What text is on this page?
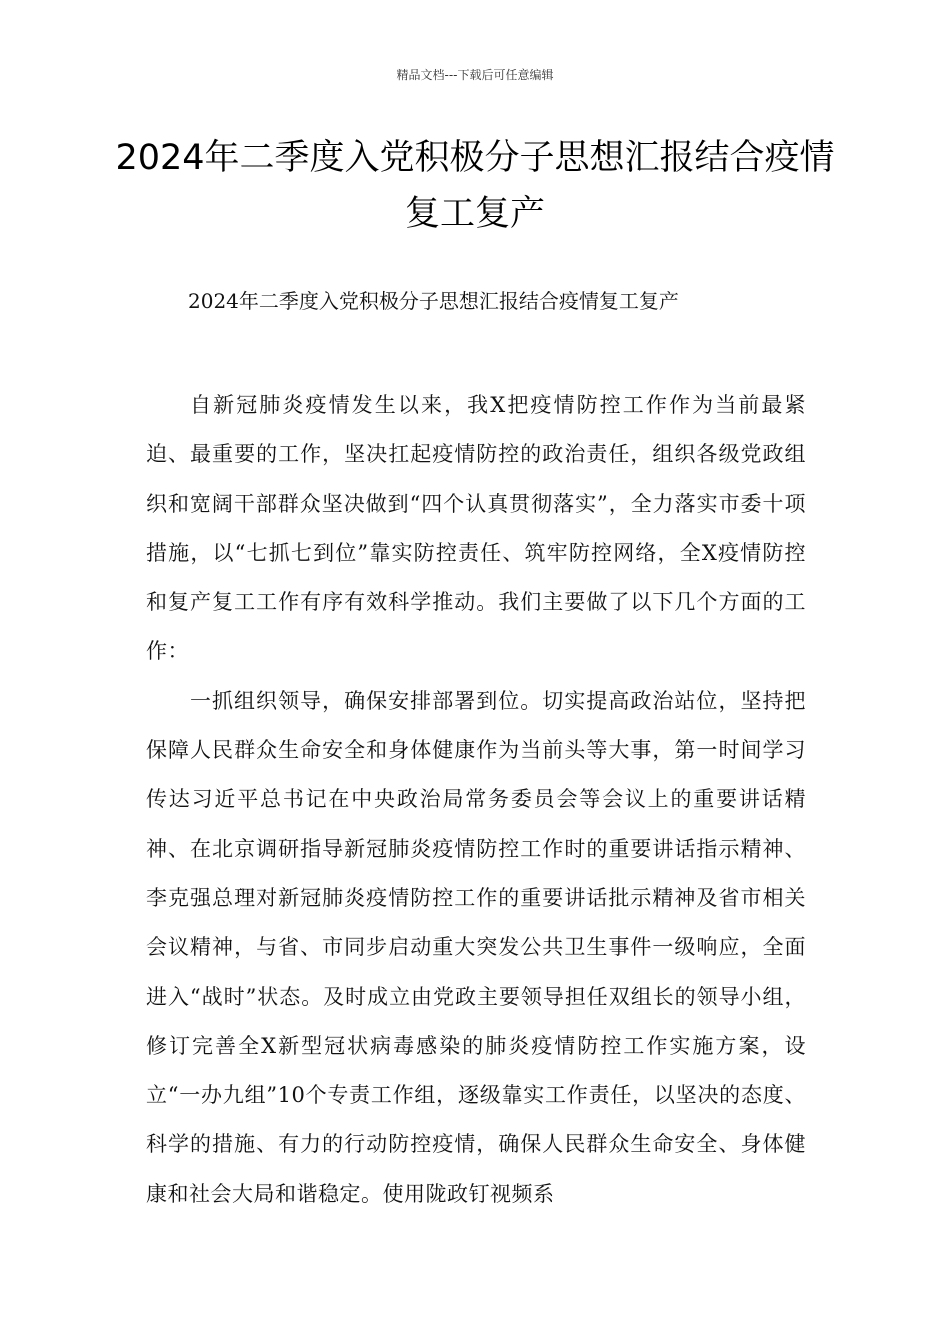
精品文档---下载后可任意编辑
2024年二季度入党积极分子思想汇报结合疫情复工复产

2024年二季度入党积极分子思想汇报结合疫情复工复产

自新冠肺炎疫情发生以来，我X把疫情防控工作作为当前最紧迫、最重要的工作，坚决扛起疫情防控的政治责任，组织各级党政组织和宽阔干部群众坚决做到“四个认真贯彻落实”，全力落实市委十项措施，以“七抓七到位”靠实防控责任、筑牢防控网络，全X疫情防控和复产复工工作有序有效科学推动。我们主要做了以下几个方面的工作：

一抓组织领导，确保安排部署到位。切实提高政治站位，坚持把保障人民群众生命安全和身体健康作为当前头等大事，第一时间学习传达习近平总书记在中央政治局常务委员会等会议上的重要讲话精神、在北京调研指导新冠肺炎疫情防控工作时的重要讲话指示精神、李克强总理对新冠肺炎疫情防控工作的重要讲话批示精神及省市相关会议精神，与省、市同步启动重大突发公共卫生事件一级响应，全面进入“战时”状态。及时成立由党政主要领导担任双组长的领导小组，修订完善全X新型冠状病毒感染的肺炎疫情防控工作实施方案，设立“一办九组”10个专责工作组，逐级靠实工作责任，以坚决的态度、科学的措施、有力的行动防控疫情，确保人民群众生命安全、身体健康和社会大局和谐稳定。使用陇政钉视频系
